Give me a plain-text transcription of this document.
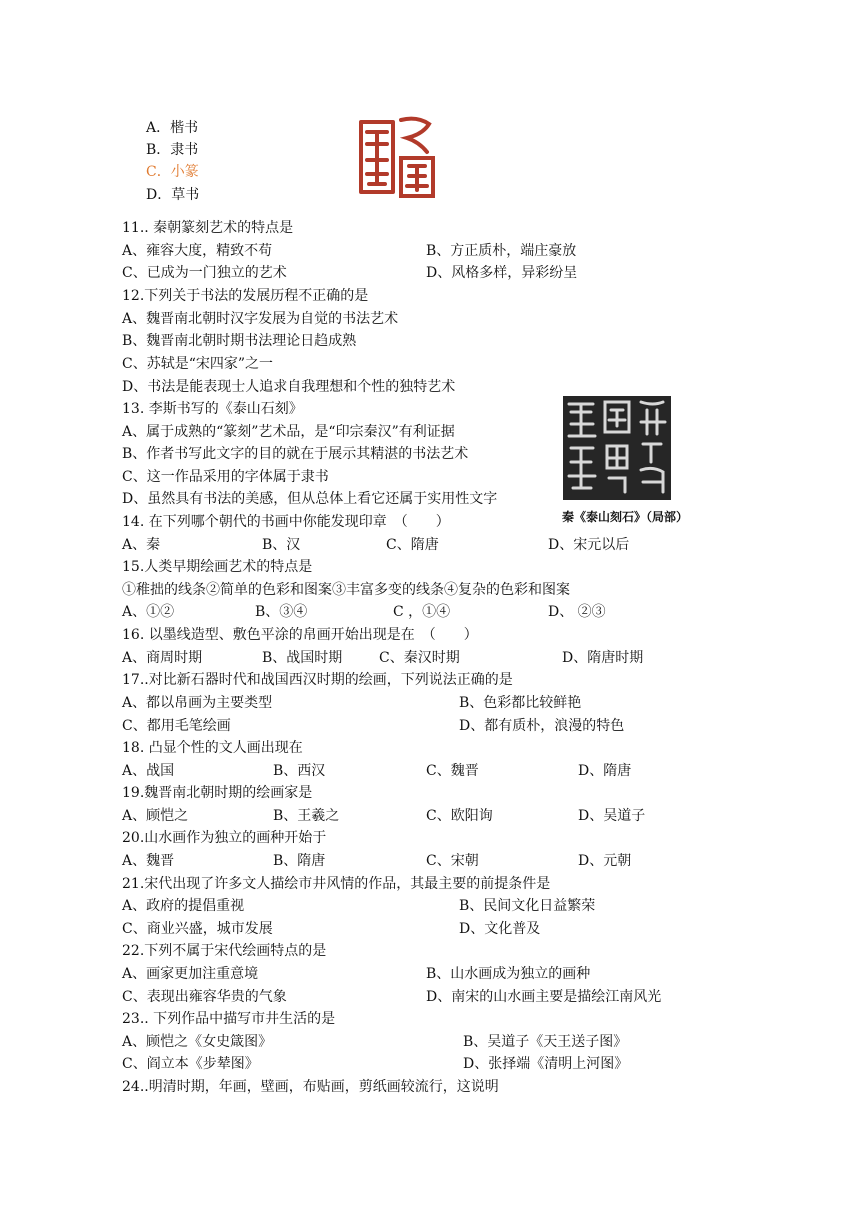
A．楷书
B．隶书
C．小篆
D．草书
11.. 秦朝篆刻艺术的特点是
A、雍容大度，精致不苟	B、方正质朴，端庄豪放
C、已成为一门独立的艺术	D、风格多样，异彩纷呈
12.下列关于书法的发展历程不正确的是
A、魏晋南北朝时汉字发展为自觉的书法艺术
B、魏晋南北朝时期书法理论日趋成熟
C、苏轼是“宋四家”之一
D、书法是能表现士人追求自我理想和个性的独特艺术
13. 李斯书写的《泰山石刻》
A、属于成熟的“篆刻”艺术品，是“印宗秦汉”有利证据
B、作者书写此文字的目的就在于展示其精湛的书法艺术
C、这一作品采用的字体属于隶书
D、虽然具有书法的美感，但从总体上看它还属于实用性文字
秦《泰山刻石》（局部）
14. 在下列哪个朝代的书画中你能发现印章　（　　）
A、秦	B、汉	C、隋唐	D、宋元以后
15.人类早期绘画艺术的特点是
①稚拙的线条②简单的色彩和图案③丰富多变的线条④复杂的色彩和图案
A、①②	B、③④	C ，①④	D、 ②③
16. 以墨线造型、敷色平涂的帛画开始出现是在　（　　）
A、商周时期	B、战国时期	C、秦汉时期	D、隋唐时期
17..对比新石器时代和战国西汉时期的绘画，下列说法正确的是
A、都以帛画为主要类型	B、色彩都比较鲜艳
C、都用毛笔绘画	D、都有质朴，浪漫的特色
18. 凸显个性的文人画出现在
A、战国	B、西汉	C、魏晋	D、隋唐
19.魏晋南北朝时期的绘画家是
A、顾恺之	B、王羲之	C、欧阳询	D、吴道子
20.山水画作为独立的画种开始于
A、魏晋	B、隋唐	C、宋朝	D、元朝
21.宋代出现了许多文人描绘市井风情的作品，其最主要的前提条件是
A、政府的提倡重视	B、民间文化日益繁荣
C、商业兴盛，城市发展	D、文化普及
22.下列不属于宋代绘画特点的是
A、画家更加注重意境	B、山水画成为独立的画种
C、表现出雍容华贵的气象	D、南宋的山水画主要是描绘江南风光
23.. 下列作品中描写市井生活的是
A、顾恺之《女史箴图》	B、吴道子《天王送子图》
C、阎立本《步辇图》	D、张择端《清明上河图》
24..明清时期，年画，壁画，布贴画，剪纸画较流行，这说明
